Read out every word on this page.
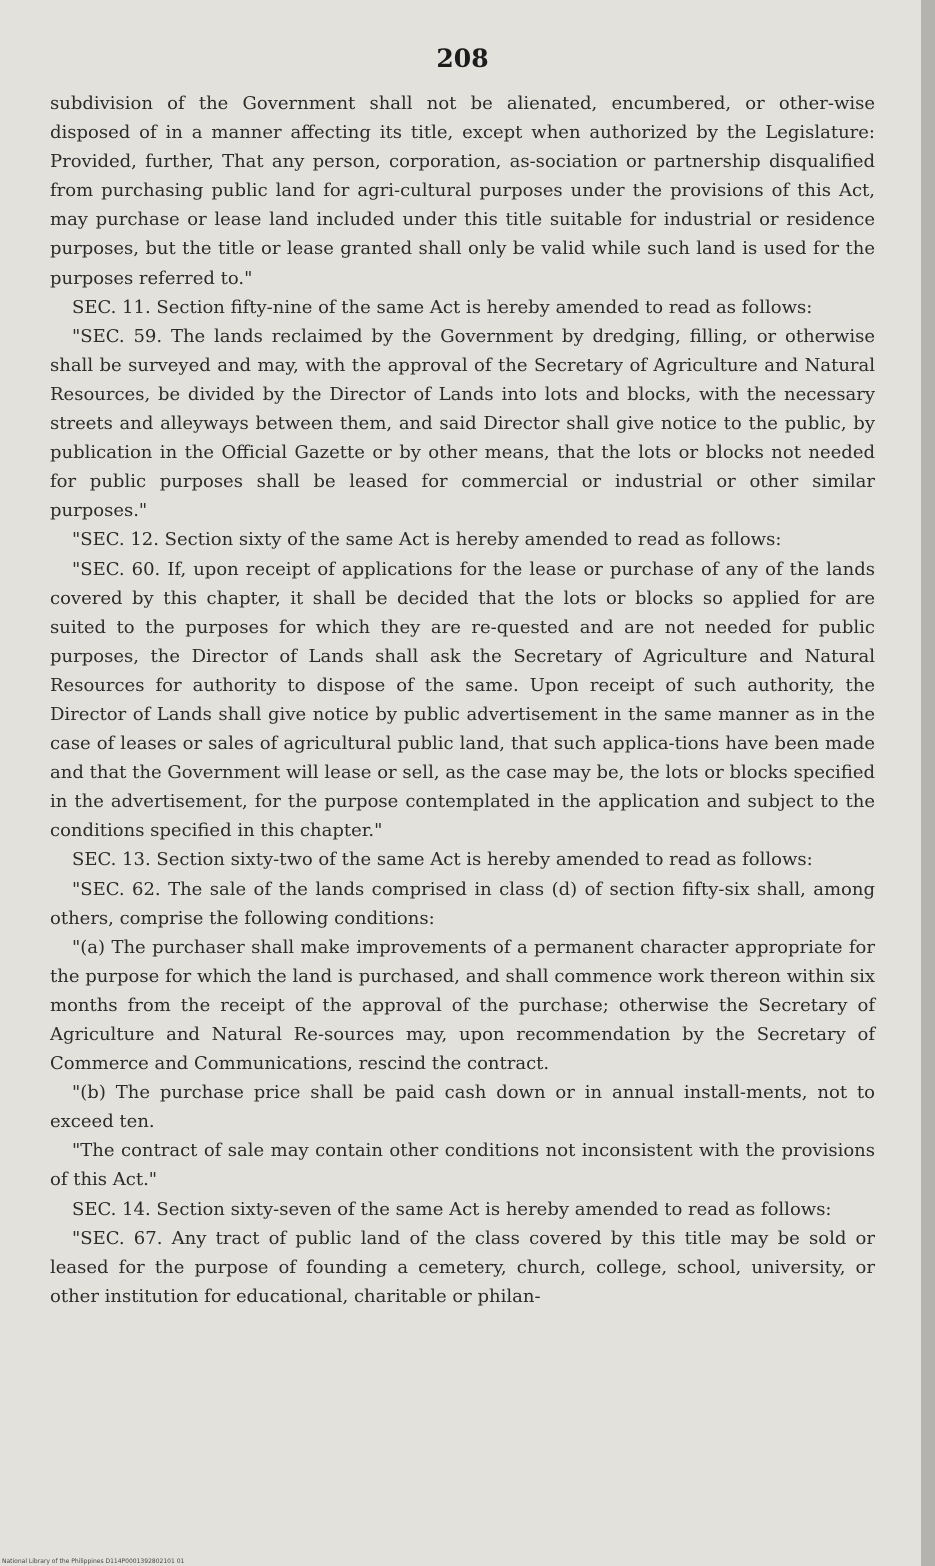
208

subdivision of the Government shall not be alienated, encumbered, or other-wise disposed of in a manner affecting its title, except when authorized by the Legislature: Provided, further, That any person, corporation, as-sociation or partnership disqualified from purchasing public land for agri-cultural purposes under the provisions of this Act, may purchase or lease land included under this title suitable for industrial or residence purposes, but the title or lease granted shall only be valid while such land is used for the purposes referred to."

SEC. 11. Section fifty-nine of the same Act is hereby amended to read as follows:

"SEC. 59. The lands reclaimed by the Government by dredging, filling, or otherwise shall be surveyed and may, with the approval of the Secretary of Agriculture and Natural Resources, be divided by the Director of Lands into lots and blocks, with the necessary streets and alleyways between them, and said Director shall give notice to the public, by publication in the Official Gazette or by other means, that the lots or blocks not needed for public purposes shall be leased for commercial or industrial or other similar purposes."

"SEC. 12. Section sixty of the same Act is hereby amended to read as follows:

"SEC. 60. If, upon receipt of applications for the lease or purchase of any of the lands covered by this chapter, it shall be decided that the lots or blocks so applied for are suited to the purposes for which they are re-quested and are not needed for public purposes, the Director of Lands shall ask the Secretary of Agriculture and Natural Resources for authority to dispose of the same. Upon receipt of such authority, the Director of Lands shall give notice by public advertisement in the same manner as in the case of leases or sales of agricultural public land, that such applica-tions have been made and that the Government will lease or sell, as the case may be, the lots or blocks specified in the advertisement, for the purpose contemplated in the application and subject to the conditions specified in this chapter."

SEC. 13. Section sixty-two of the same Act is hereby amended to read as follows:

"SEC. 62. The sale of the lands comprised in class (d) of section fifty-six shall, among others, comprise the following conditions:

"(a) The purchaser shall make improvements of a permanent character appropriate for the purpose for which the land is purchased, and shall commence work thereon within six months from the receipt of the approval of the purchase; otherwise the Secretary of Agriculture and Natural Re-sources may, upon recommendation by the Secretary of Commerce and Communications, rescind the contract.

"(b) The purchase price shall be paid cash down or in annual install-ments, not to exceed ten.

"The contract of sale may contain other conditions not inconsistent with the provisions of this Act."

SEC. 14. Section sixty-seven of the same Act is hereby amended to read as follows:

"SEC. 67. Any tract of public land of the class covered by this title may be sold or leased for the purpose of founding a cemetery, church, college, school, university, or other institution for educational, charitable or philan-

National Library of the Philippines D114P0001392802101 01
